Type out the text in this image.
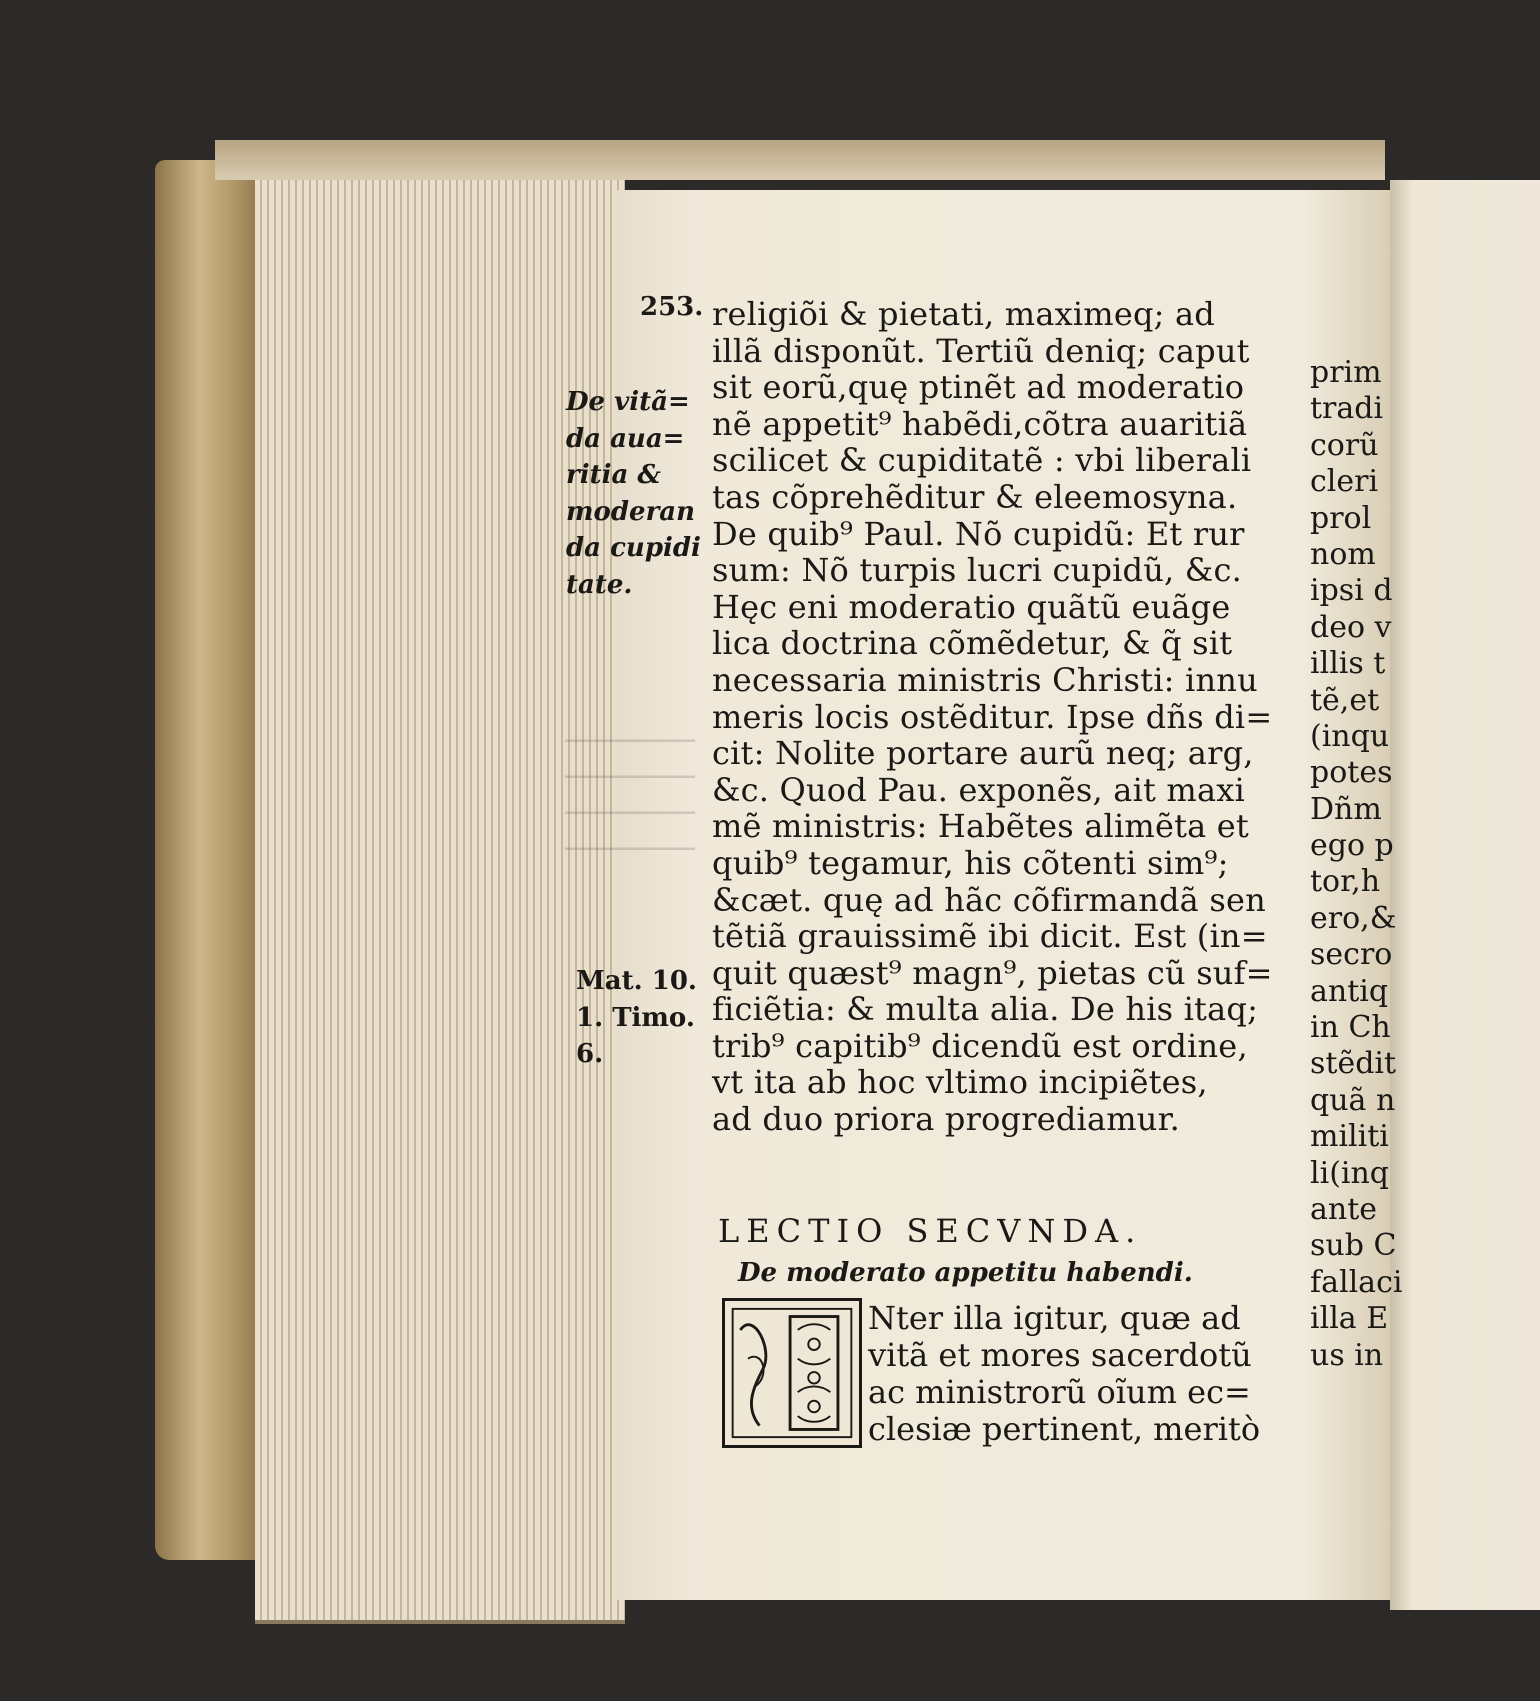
253. religiõi & pietati, maximeq; ad
illã disponũt. Tertiũ deniq; caput
sit eorũ,quę ptinẽt ad moderatio
nẽ appetit⁹ habẽdi,cõtra auaritiã
scilicet & cupiditatẽ : vbi liberali
tas cõprehẽditur & eleemosyna.
De quib⁹ Paul. Nõ cupidũ: Et rur
sum: Nõ turpis lucri cupidũ, &c.
Hęc eni moderatio quãtũ euãge
lica doctrina cõmẽdetur, & q̃ sit
necessaria ministris Christi: innu
meris locis ostẽditur. Ipse dñs di=
cit: Nolite portare aurũ neq; arg,
&c. Quod Pau. exponẽs, ait maxi
mẽ ministris: Habẽtes alimẽta et
quib⁹ tegamur, his cõtenti sim⁹;
&cæt. quę ad hãc cõfirmandã sen
tẽtiã grauissimẽ ibi dicit. Est (in=
quit quæst⁹ magn⁹, pietas cũ suf=
ficiẽtia: & multa alia. De his itaq;
trib⁹ capitib⁹ dicendũ est ordine,
vt ita ab hoc vltimo incipiẽtes,
ad duo priora progrediamur.
De vitã=
da aua=
ritia &
moderan
da cupidi
tate.
Mat. 10.
1. Timo.
6.
LECTIO SECVNDA.
De moderato appetitu habendi.
Nter illa igitur, quæ ad
vitã et mores sacerdotũ
ac ministrorũ oĩum ec=
clesiæ pertinent, meritò
prim
tradi
corũ
cleri
prol
nom
ipsi d
deo v
illis t
tẽ,et
(inqu
potes
Dñm
ego p
tor,h
ero,&
secro
antiq
in Ch
stẽdit
quã n
militi
li(inq
ante
sub C
fallaci
illa E
us in
